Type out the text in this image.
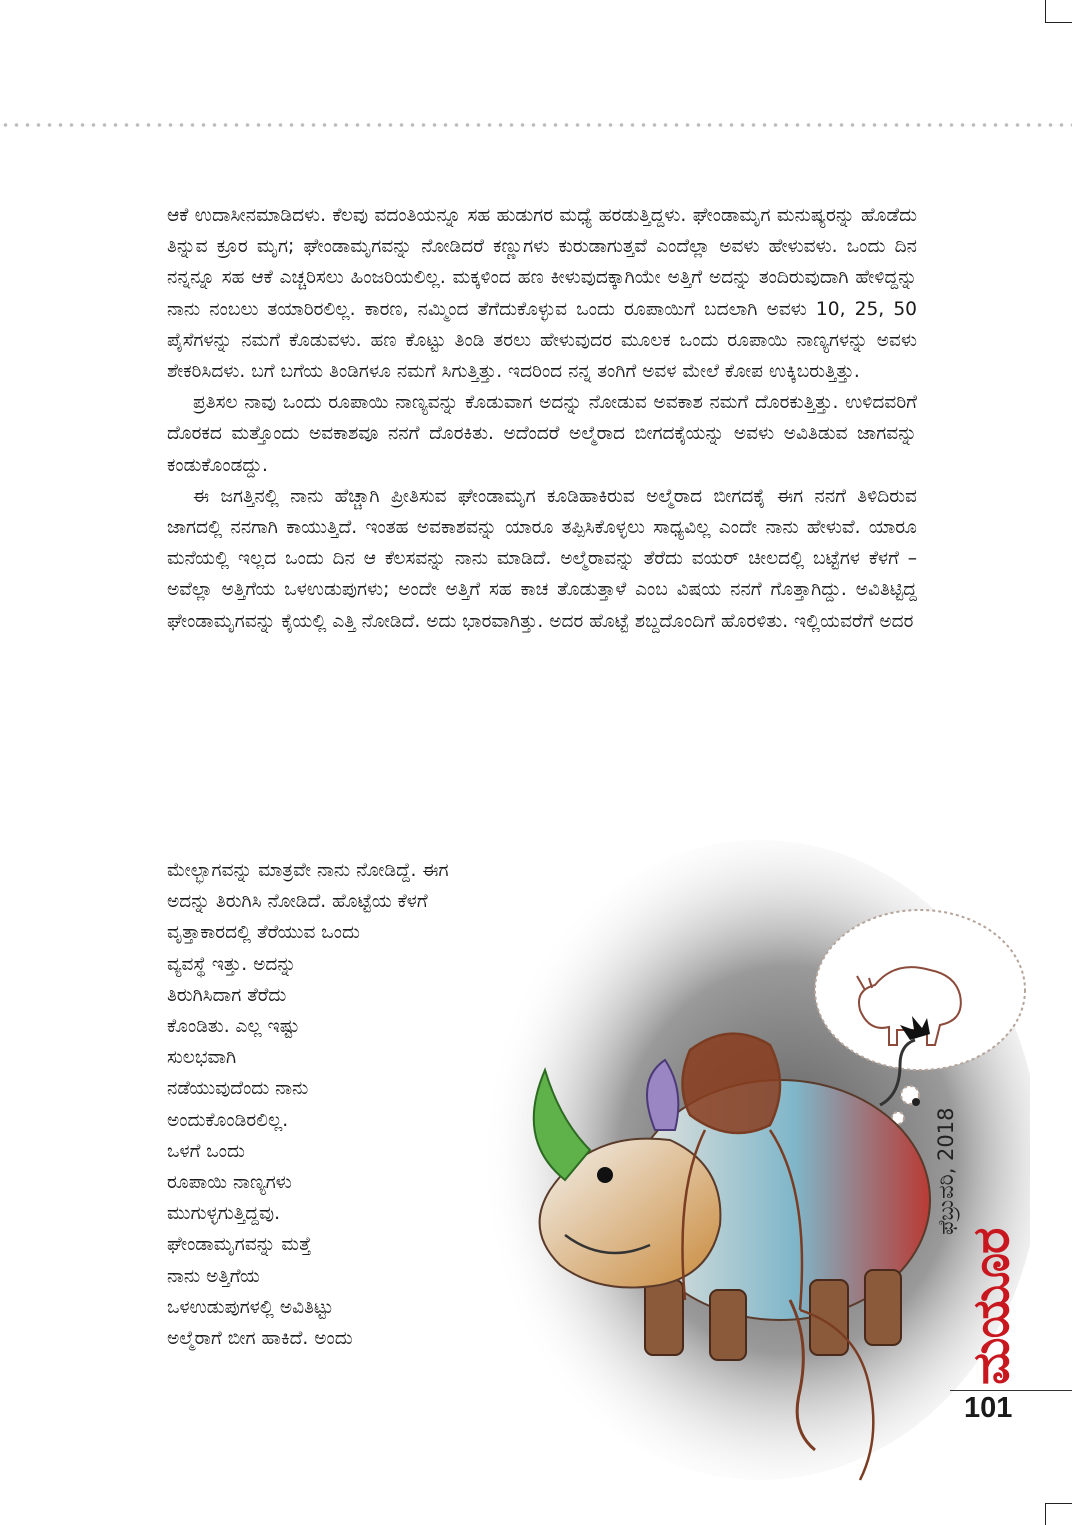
ಆಕೆ ಉದಾಸೀನಮಾಡಿದಳು. ಕೆಲವು ವದಂತಿಯನ್ನೂ ಸಹ ಹುಡುಗರ ಮಧ್ಯೆ ಹರಡುತ್ತಿದ್ದಳು. ಘೇಂಡಾಮೃಗ ಮನುಷ್ಯರನ್ನು ಹೊಡೆದು ತಿನ್ನುವ ಕ್ರೂರ ಮೃಗ; ಘೇಂಡಾಮೃಗವನ್ನು ನೋಡಿದರೆ ಕಣ್ಣುಗಳು ಕುರುಡಾಗುತ್ತವೆ ಎಂದೆಲ್ಲಾ ಅವಳು ಹೇಳುವಳು. ಒಂದು ದಿನ ನನ್ನನ್ನೂ ಸಹ ಆಕೆ ಎಚ್ಚರಿಸಲು ಹಿಂಜರಿಯಲಿಲ್ಲ. ಮಕ್ಕಳಿಂದ ಹಣ ಕೀಳುವುದಕ್ಕಾಗಿಯೇ ಅತ್ತಿಗೆ ಅದನ್ನು ತಂದಿರುವುದಾಗಿ ಹೇಳಿದ್ದನ್ನು ನಾನು ನಂಬಲು ತಯಾರಿರಲಿಲ್ಲ. ಕಾರಣ, ನಮ್ಮಿಂದ ತೆಗೆದುಕೊಳ್ಳುವ ಒಂದು ರೂಪಾಯಿಗೆ ಬದಲಾಗಿ ಅವಳು 10, 25, 50 ಪೈಸೆಗಳನ್ನು ನಮಗೆ ಕೊಡುವಳು. ಹಣ ಕೊಟ್ಟು ತಿಂಡಿ ತರಲು ಹೇಳುವುದರ ಮೂಲಕ ಒಂದು ರೂಪಾಯಿ ನಾಣ್ಯಗಳನ್ನು ಅವಳು ಶೇಕರಿಸಿದಳು. ಬಗೆ ಬಗೆಯ ತಿಂಡಿಗಳೂ ನಮಗೆ ಸಿಗುತ್ತಿತ್ತು. ಇದರಿಂದ ನನ್ನ ತಂಗಿಗೆ ಅವಳ ಮೇಲೆ ಕೋಪ ಉಕ್ಕಿಬರುತ್ತಿತ್ತು.

ಪ್ರತಿಸಲ ನಾವು ಒಂದು ರೂಪಾಯಿ ನಾಣ್ಯವನ್ನು ಕೊಡುವಾಗ ಅದನ್ನು ನೋಡುವ ಅವಕಾಶ ನಮಗೆ ದೊರಕುತ್ತಿತ್ತು. ಉಳಿದವರಿಗೆ ದೊರಕದ ಮತ್ತೊಂದು ಅವಕಾಶವೂ ನನಗೆ ದೊರಕಿತು. ಅದೆಂದರೆ ಅಲ್ಮೆರಾದ ಬೀಗದಕೈಯನ್ನು ಅವಳು ಅವಿತಿಡುವ ಜಾಗವನ್ನು ಕಂಡುಕೊಂಡದ್ದು.

ಈ ಜಗತ್ತಿನಲ್ಲಿ ನಾನು ಹೆಚ್ಚಾಗಿ ಪ್ರೀತಿಸುವ ಘೇಂಡಾಮೃಗ ಕೂಡಿಹಾಕಿರುವ ಅಲ್ಮೆರಾದ ಬೀಗದಕೈ ಈಗ ನನಗೆ ತಿಳಿದಿರುವ ಜಾಗದಲ್ಲಿ ನನಗಾಗಿ ಕಾಯುತ್ತಿದೆ. ಇಂತಹ ಅವಕಾಶವನ್ನು ಯಾರೂ ತಪ್ಪಿಸಿಕೊಳ್ಳಲು ಸಾಧ್ಯವಿಲ್ಲ ಎಂದೇ ನಾನು ಹೇಳುವೆ. ಯಾರೂ ಮನೆಯಲ್ಲಿ ಇಲ್ಲದ ಒಂದು ದಿನ ಆ ಕೆಲಸವನ್ನು ನಾನು ಮಾಡಿದೆ. ಅಲ್ಮೆರಾವನ್ನು ತೆರೆದು ವಯರ್ ಚೀಲದಲ್ಲಿ ಬಟ್ಟೆಗಳ ಕೆಳಗೆ – ಅವೆಲ್ಲಾ ಅತ್ತಿಗೆಯ ಒಳಉಡುಪುಗಳು; ಅಂದೇ ಅತ್ತಿಗೆ ಸಹ ಕಾಚ ತೊಡುತ್ತಾಳೆ ಎಂಬ ವಿಷಯ ನನಗೆ ಗೊತ್ತಾಗಿದ್ದು. ಅವಿತಿಟ್ಟಿದ್ದ ಘೇಂಡಾಮೃಗವನ್ನು ಕೈಯಲ್ಲಿ ಎತ್ತಿ ನೋಡಿದೆ. ಅದು ಭಾರವಾಗಿತ್ತು. ಅದರ ಹೊಟ್ಟೆ ಶಬ್ದದೊಂದಿಗೆ ಹೊರಳಿತು. ಇಲ್ಲಿಯವರೆಗೆ ಅದರ

ಮೇಲ್ಭಾಗವನ್ನು ಮಾತ್ರವೇ ನಾನು ನೋಡಿದ್ದೆ. ಈಗ
ಅದನ್ನು ತಿರುಗಿಸಿ ನೋಡಿದೆ. ಹೊಟ್ಟೆಯ ಕೆಳಗೆ
ವೃತ್ತಾಕಾರದಲ್ಲಿ ತೆರೆಯುವ ಒಂದು
ವ್ಯವಸ್ಥೆ ಇತ್ತು. ಅದನ್ನು
ತಿರುಗಿಸಿದಾಗ ತೆರೆದು
ಕೊಂಡಿತು. ಎಲ್ಲ ಇಷ್ಟು
ಸುಲಭವಾಗಿ
ನಡೆಯುವುದೆಂದು ನಾನು
ಅಂದುಕೊಂಡಿರಲಿಲ್ಲ.
ಒಳಗೆ ಒಂದು
ರೂಪಾಯಿ ನಾಣ್ಯಗಳು
ಮುಗುಳ್ಳಗುತ್ತಿದ್ದವು.
ಘೇಂಡಾಮೃಗವನ್ನು ಮತ್ತೆ
ನಾನು ಅತ್ತಿಗೆಯ
ಒಳಉಡುಪುಗಳಲ್ಲಿ ಅವಿತಿಟ್ಟು
ಅಲ್ಮೆರಾಗೆ ಬೀಗ ಹಾಕಿದೆ. ಅಂದು
ಫೆಬ್ರುವರಿ, 2018
ಮಯೂರ
101
